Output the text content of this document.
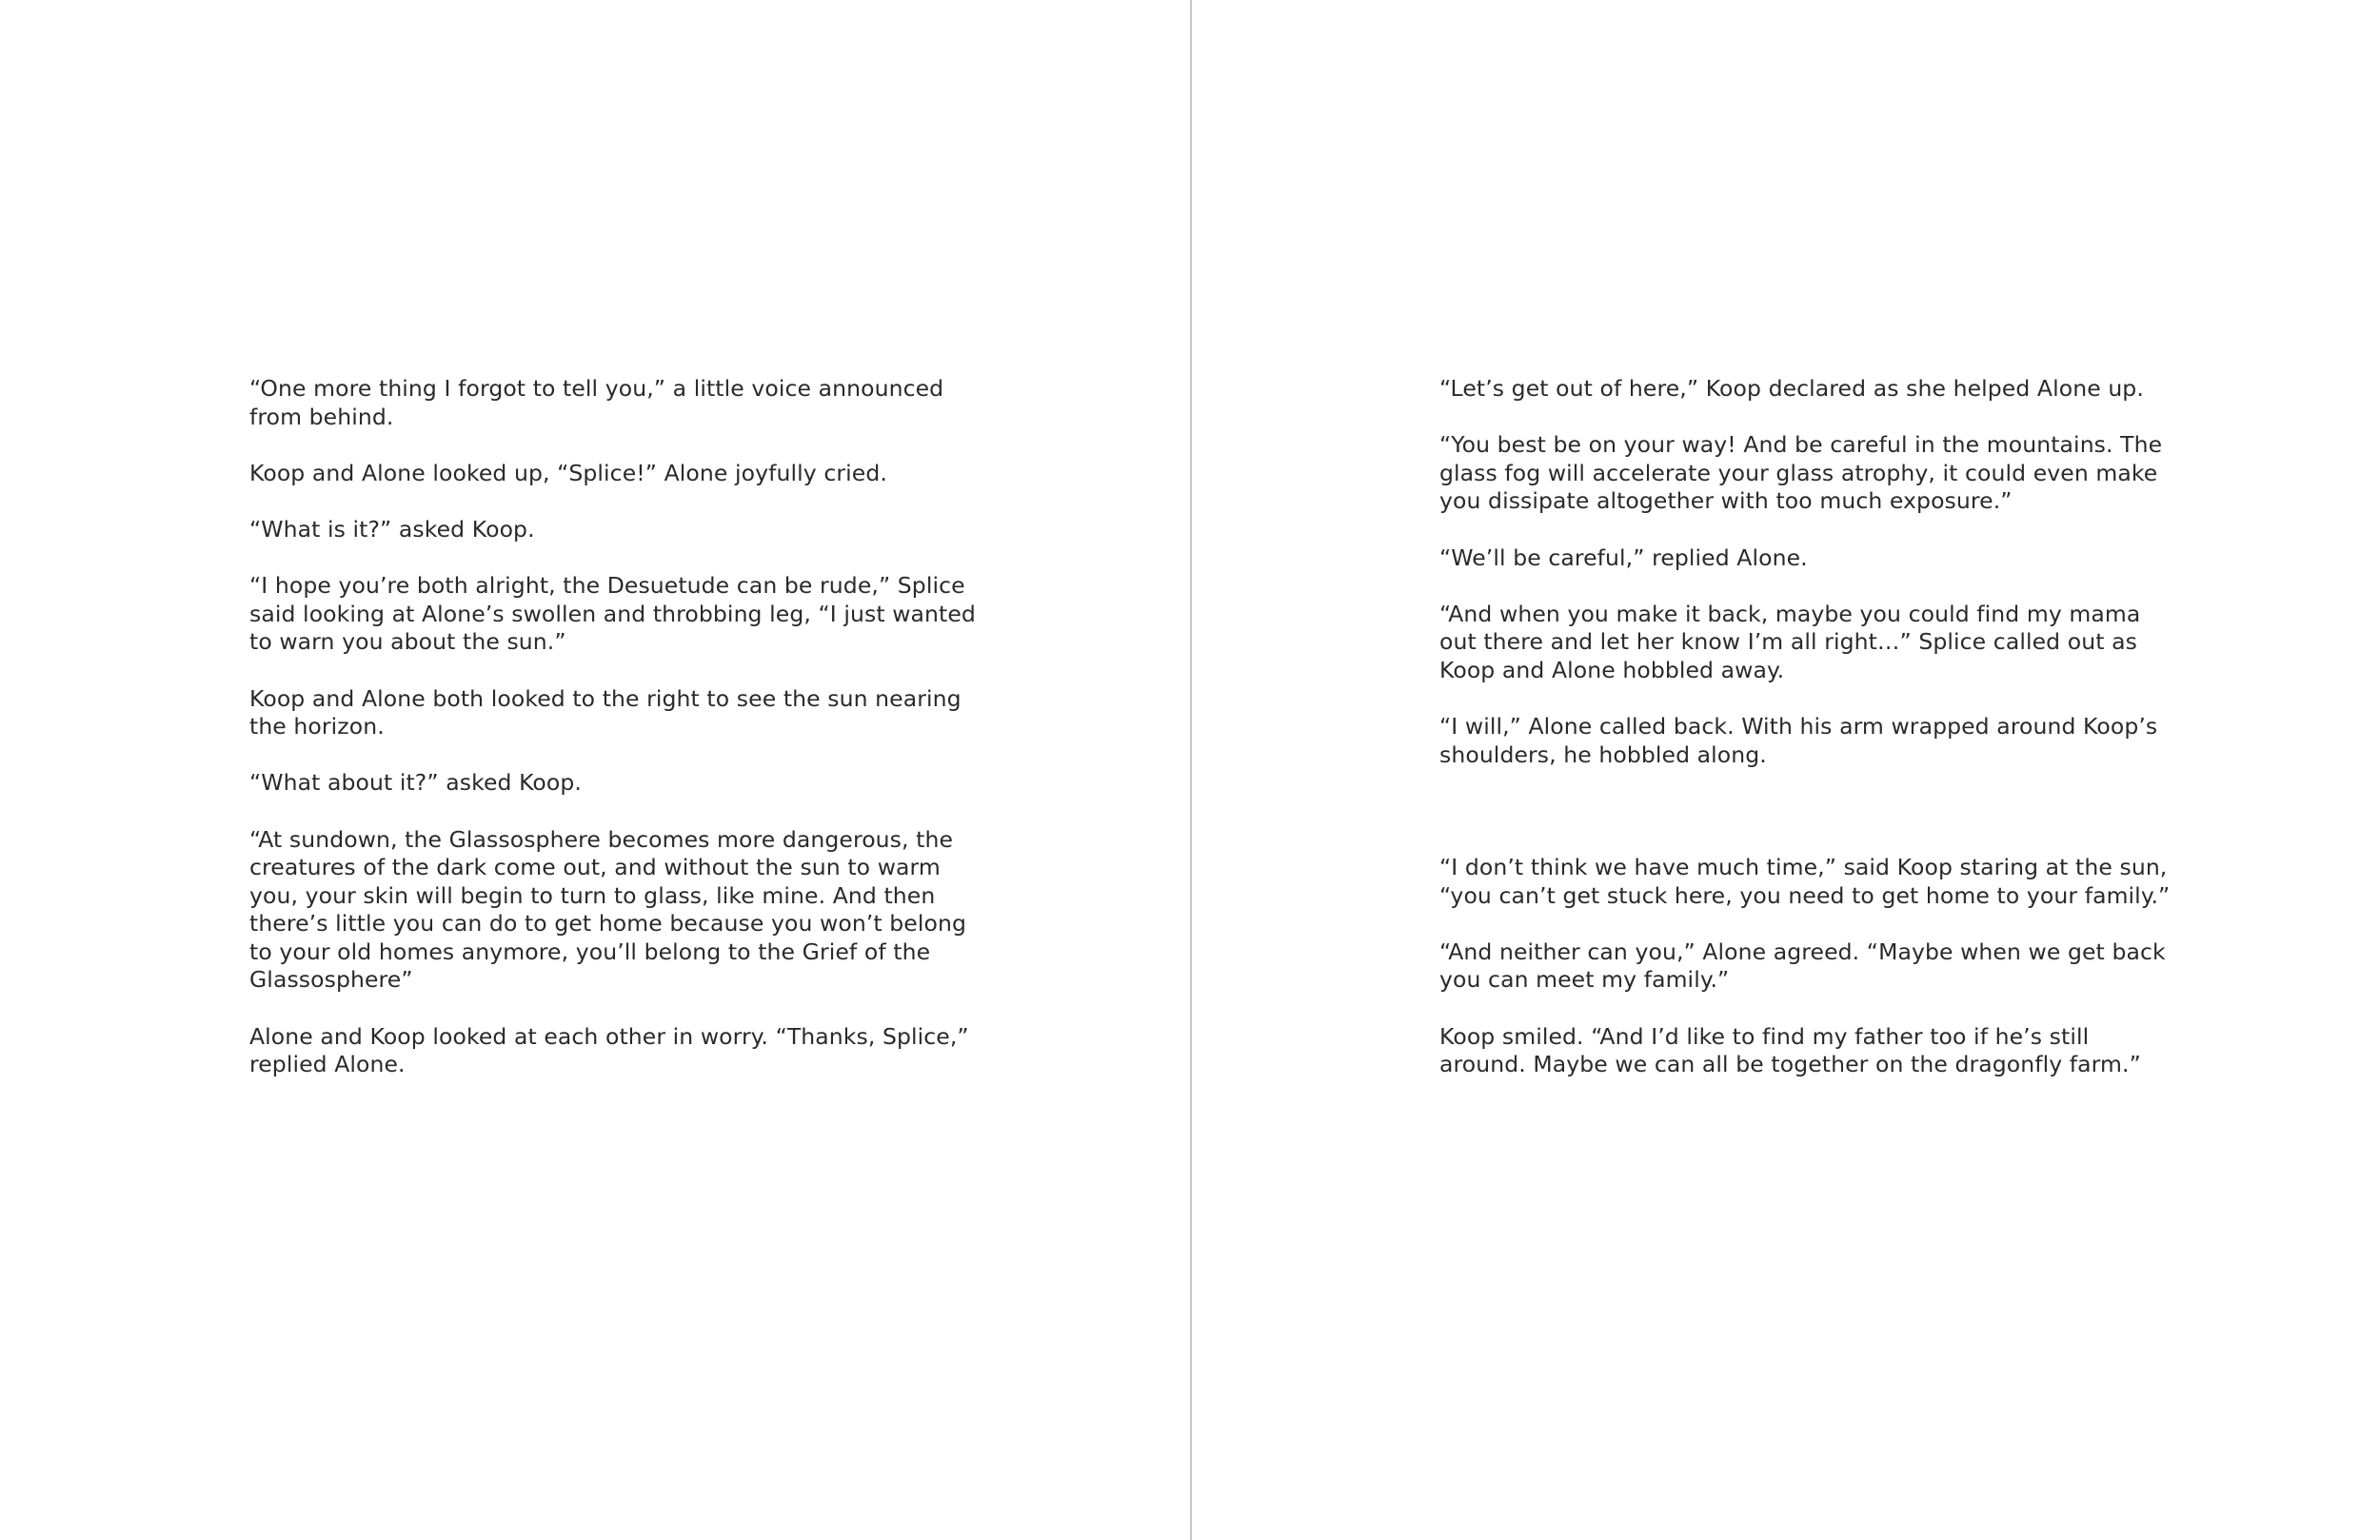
“One more thing I forgot to tell you,” a little voice announced
from behind.

Koop and Alone looked up, “Splice!” Alone joyfully cried.

“What is it?” asked Koop.

“I hope you’re both alright, the Desuetude can be rude,” Splice
said looking at Alone’s swollen and throbbing leg, “I just wanted
to warn you about the sun.”

Koop and Alone both looked to the right to see the sun nearing
the horizon.

“What about it?” asked Koop.

“At sundown, the Glassosphere becomes more dangerous, the
creatures of the dark come out, and without the sun to warm
you, your skin will begin to turn to glass, like mine. And then
there’s little you can do to get home because you won’t belong
to your old homes anymore, you’ll belong to the Grief of the
Glassosphere”

Alone and Koop looked at each other in worry. “Thanks, Splice,”
replied Alone.

“Let’s get out of here,” Koop declared as she helped Alone up.

“You best be on your way! And be careful in the mountains. The
glass fog will accelerate your glass atrophy, it could even make
you dissipate altogether with too much exposure.”

“We’ll be careful,” replied Alone.

“And when you make it back, maybe you could find my mama
out there and let her know I’m all right…” Splice called out as
Koop and Alone hobbled away.

“I will,” Alone called back. With his arm wrapped around Koop’s
shoulders, he hobbled along.

“I don’t think we have much time,” said Koop staring at the sun,
“you can’t get stuck here, you need to get home to your family.”

“And neither can you,” Alone agreed. “Maybe when we get back
you can meet my family.”

Koop smiled. “And I’d like to find my father too if he’s still
around. Maybe we can all be together on the dragonfly farm.”
